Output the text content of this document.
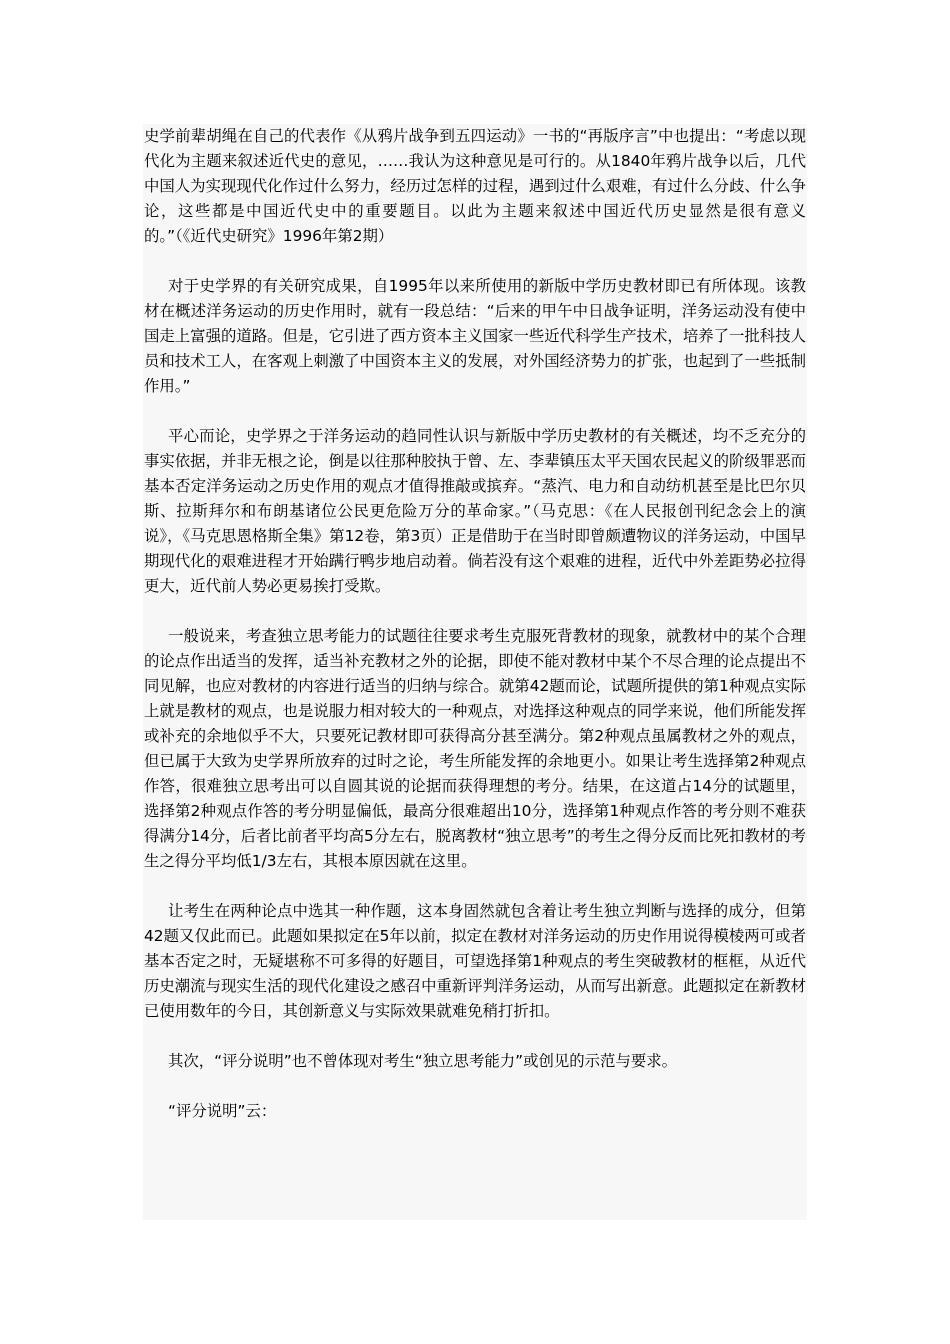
史学前辈胡绳在自己的代表作《从鸦片战争到五四运动》一书的“再版序言”中也提出：“考虑以现代化为主题来叙述近代史的意见，……我认为这种意见是可行的。从1840年鸦片战争以后，几代中国人为实现现代化作过什么努力，经历过怎样的过程，遇到过什么艰难，有过什么分歧、什么争论，这些都是中国近代史中的重要题目。以此为主题来叙述中国近代历史显然是很有意义的。”（《近代史研究》1996年第2期）

对于史学界的有关研究成果，自1995年以来所使用的新版中学历史教材即已有所体现。该教材在概述洋务运动的历史作用时，就有一段总结：“后来的甲午中日战争证明，洋务运动没有使中国走上富强的道路。但是，它引进了西方资本主义国家一些近代科学生产技术，培养了一批科技人员和技术工人，在客观上刺激了中国资本主义的发展，对外国经济势力的扩张，也起到了一些抵制作用。”

平心而论，史学界之于洋务运动的趋同性认识与新版中学历史教材的有关概述，均不乏充分的事实依据，并非无根之论，倒是以往那种胶执于曾、左、李辈镇压太平天国农民起义的阶级罪恶而基本否定洋务运动之历史作用的观点才值得推敲或摈弃。“蒸汽、电力和自动纺机甚至是比巴尔贝斯、拉斯拜尔和布朗基诸位公民更危险万分的革命家。”（马克思：《在人民报创刊纪念会上的演说》，《马克思恩格斯全集》第12卷，第3页）正是借助于在当时即曾颇遭物议的洋务运动，中国早期现代化的艰难进程才开始蹒行鸭步地启动着。倘若没有这个艰难的进程，近代中外差距势必拉得更大，近代前人势必更易挨打受欺。

一般说来，考查独立思考能力的试题往往要求考生克服死背教材的现象，就教材中的某个合理的论点作出适当的发挥，适当补充教材之外的论据，即使不能对教材中某个不尽合理的论点提出不同见解，也应对教材的内容进行适当的归纳与综合。就第42题而论，试题所提供的第1种观点实际上就是教材的观点，也是说服力相对较大的一种观点，对选择这种观点的同学来说，他们所能发挥或补充的余地似乎不大，只要死记教材即可获得高分甚至满分。第2种观点虽属教材之外的观点，但已属于大致为史学界所放弃的过时之论，考生所能发挥的余地更小。如果让考生选择第2种观点作答，很难独立思考出可以自圆其说的论据而获得理想的考分。结果，在这道占14分的试题里，选择第2种观点作答的考分明显偏低，最高分很难超出10分，选择第1种观点作答的考分则不难获得满分14分，后者比前者平均高5分左右，脱离教材“独立思考”的考生之得分反而比死扣教材的考生之得分平均低1/3左右，其根本原因就在这里。

让考生在两种论点中选其一种作题，这本身固然就包含着让考生独立判断与选择的成分，但第42题又仅此而已。此题如果拟定在5年以前，拟定在教材对洋务运动的历史作用说得模棱两可或者基本否定之时，无疑堪称不可多得的好题目，可望选择第1种观点的考生突破教材的框框，从近代历史潮流与现实生活的现代化建设之感召中重新评判洋务运动，从而写出新意。此题拟定在新教材已使用数年的今日，其创新意义与实际效果就难免稍打折扣。

其次，“评分说明”也不曾体现对考生“独立思考能力”或创见的示范与要求。

“评分说明”云：
